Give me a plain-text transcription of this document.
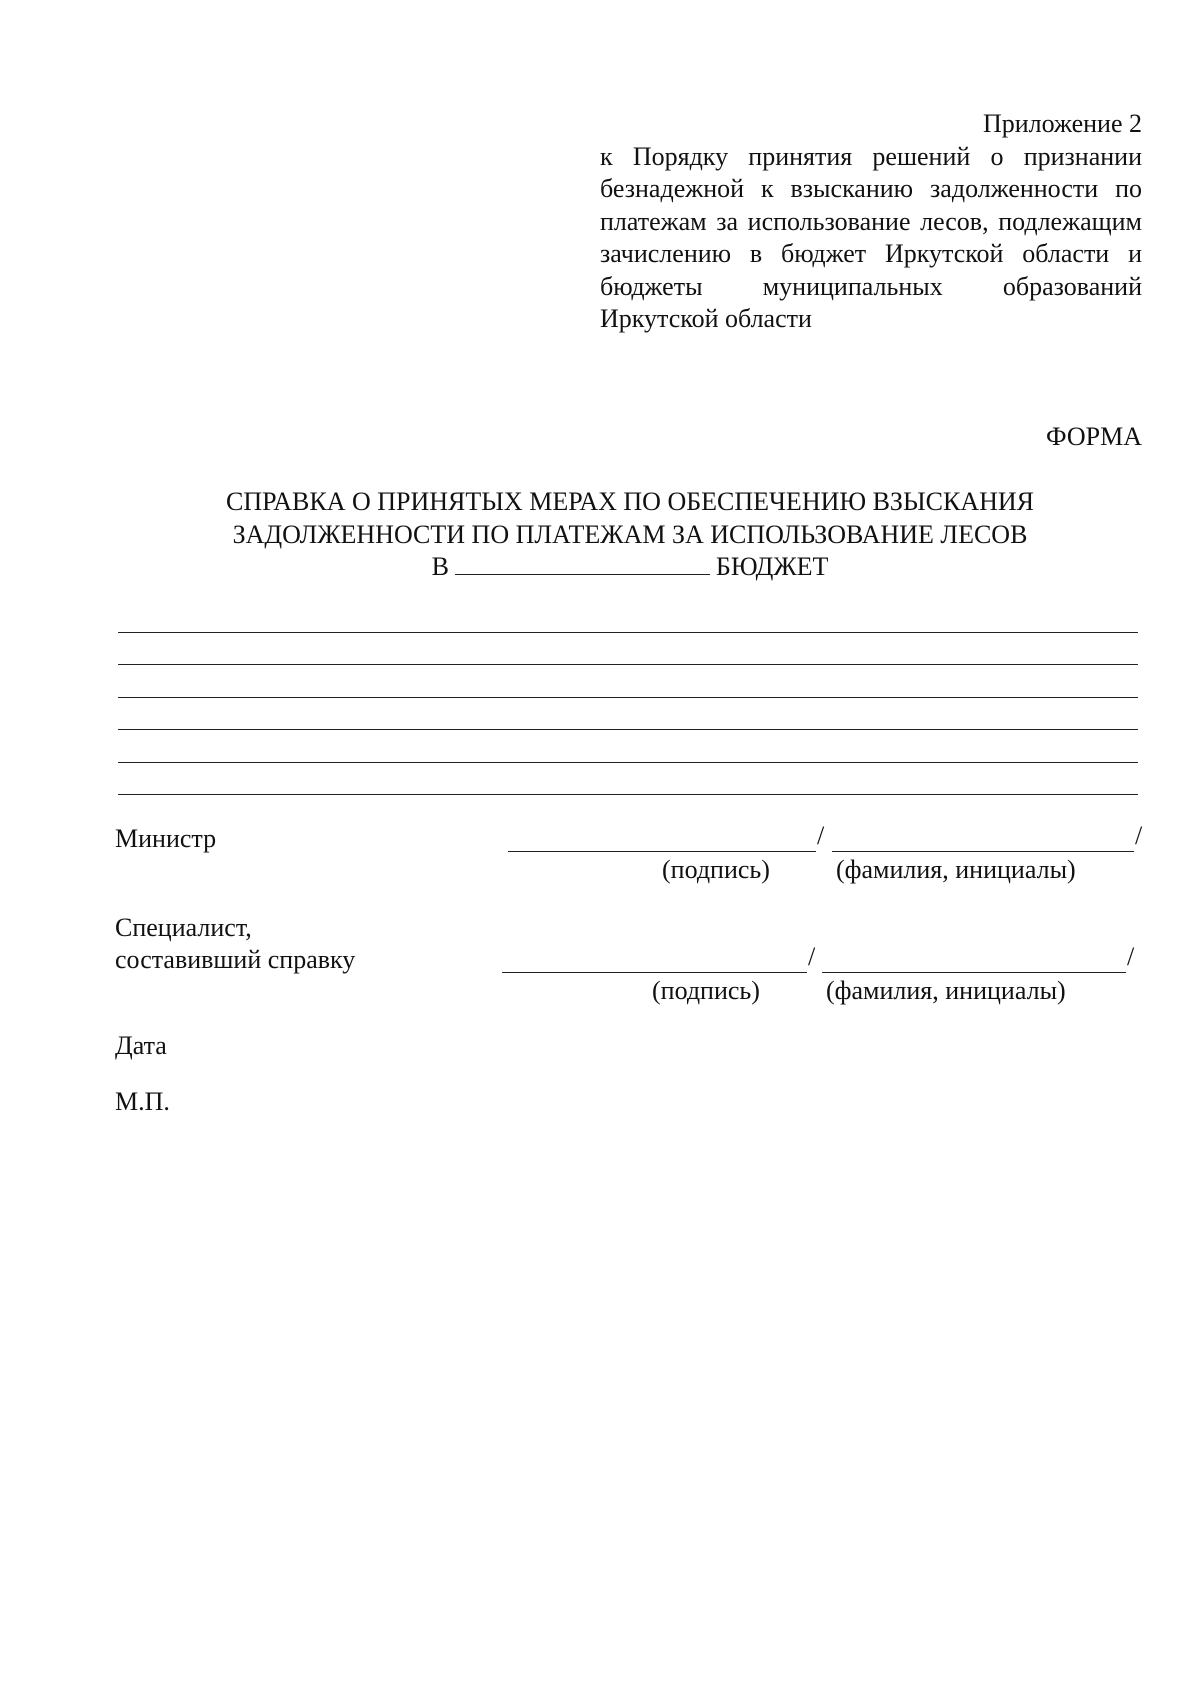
Приложение 2
к Порядку принятия решений о признании безнадежной к взысканию задолженности по платежам за использование лесов, подлежащим зачислению в бюджет Иркутской области и бюджеты муниципальных образований Иркутской области
ФОРМА
СПРАВКА О ПРИНЯТЫХ МЕРАХ ПО ОБЕСПЕЧЕНИЮ ВЗЫСКАНИЯ
ЗАДОЛЖЕННОСТИ ПО ПЛАТЕЖАМ ЗА ИСПОЛЬЗОВАНИЕ ЛЕСОВ
В	БЮДЖЕТ
Министр	/	/
(подпись)	(фамилия, инициалы)
Специалист,
составивший справку	/	/
(подпись)	(фамилия, инициалы)
Дата
М.П.
